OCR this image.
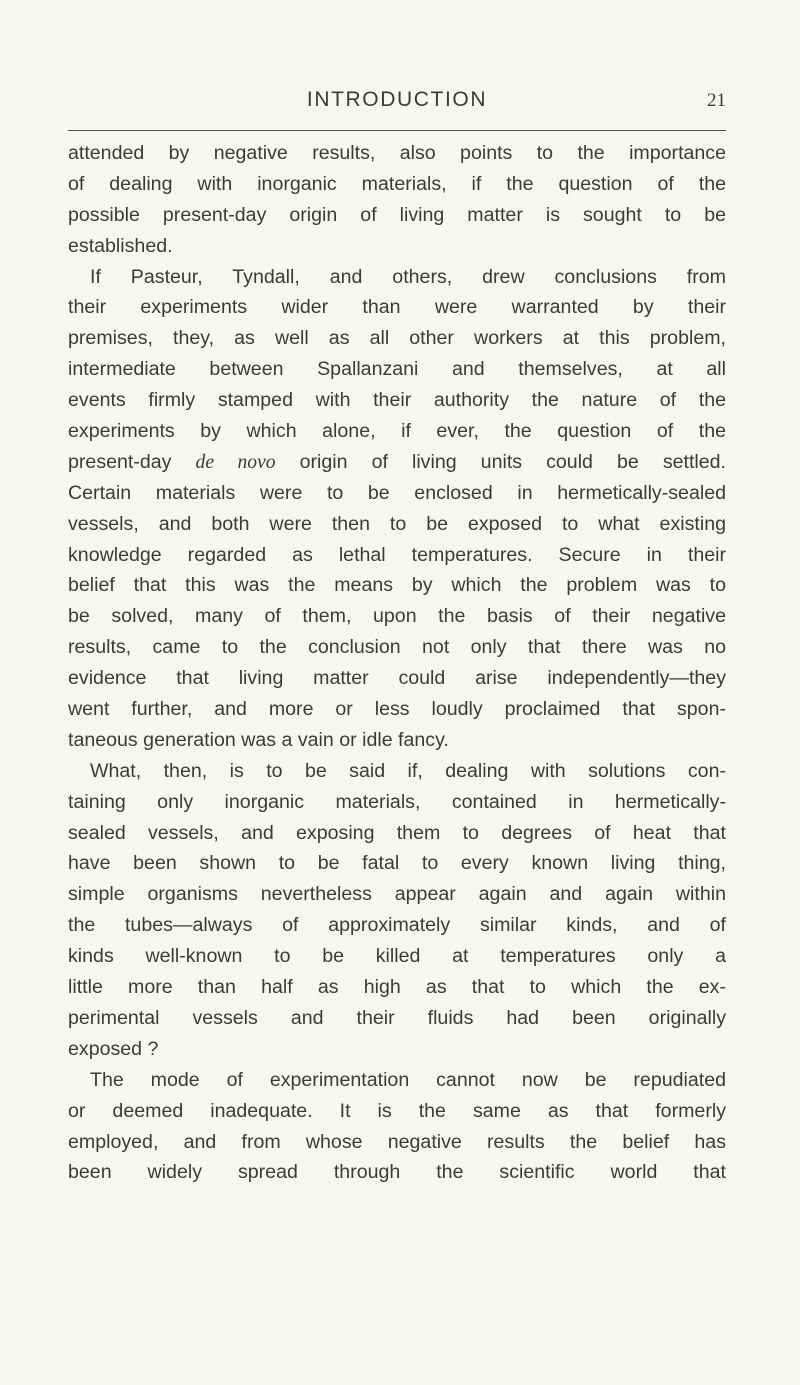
INTRODUCTION	21
attended by negative results, also points to the importance
of dealing with inorganic materials, if the question of the
possible present-day origin of living matter is sought to be
established.
If Pasteur, Tyndall, and others, drew conclusions from
their experiments wider than were warranted by their
premises, they, as well as all other workers at this problem,
intermediate between Spallanzani and themselves, at all
events firmly stamped with their authority the nature of the
experiments by which alone, if ever, the question of the
present-day de novo origin of living units could be settled.
Certain materials were to be enclosed in hermetically-sealed
vessels, and both were then to be exposed to what existing
knowledge regarded as lethal temperatures. Secure in their
belief that this was the means by which the problem was to
be solved, many of them, upon the basis of their negative
results, came to the conclusion not only that there was no
evidence that living matter could arise independently—they
went further, and more or less loudly proclaimed that spon-
taneous generation was a vain or idle fancy.
What, then, is to be said if, dealing with solutions con-
taining only inorganic materials, contained in hermetically-
sealed vessels, and exposing them to degrees of heat that
have been shown to be fatal to every known living thing,
simple organisms nevertheless appear again and again within
the tubes—always of approximately similar kinds, and of
kinds well-known to be killed at temperatures only a
little more than half as high as that to which the ex-
perimental vessels and their fluids had been originally
exposed ?
The mode of experimentation cannot now be repudiated
or deemed inadequate. It is the same as that formerly
employed, and from whose negative results the belief has
been widely spread through the scientific world that
